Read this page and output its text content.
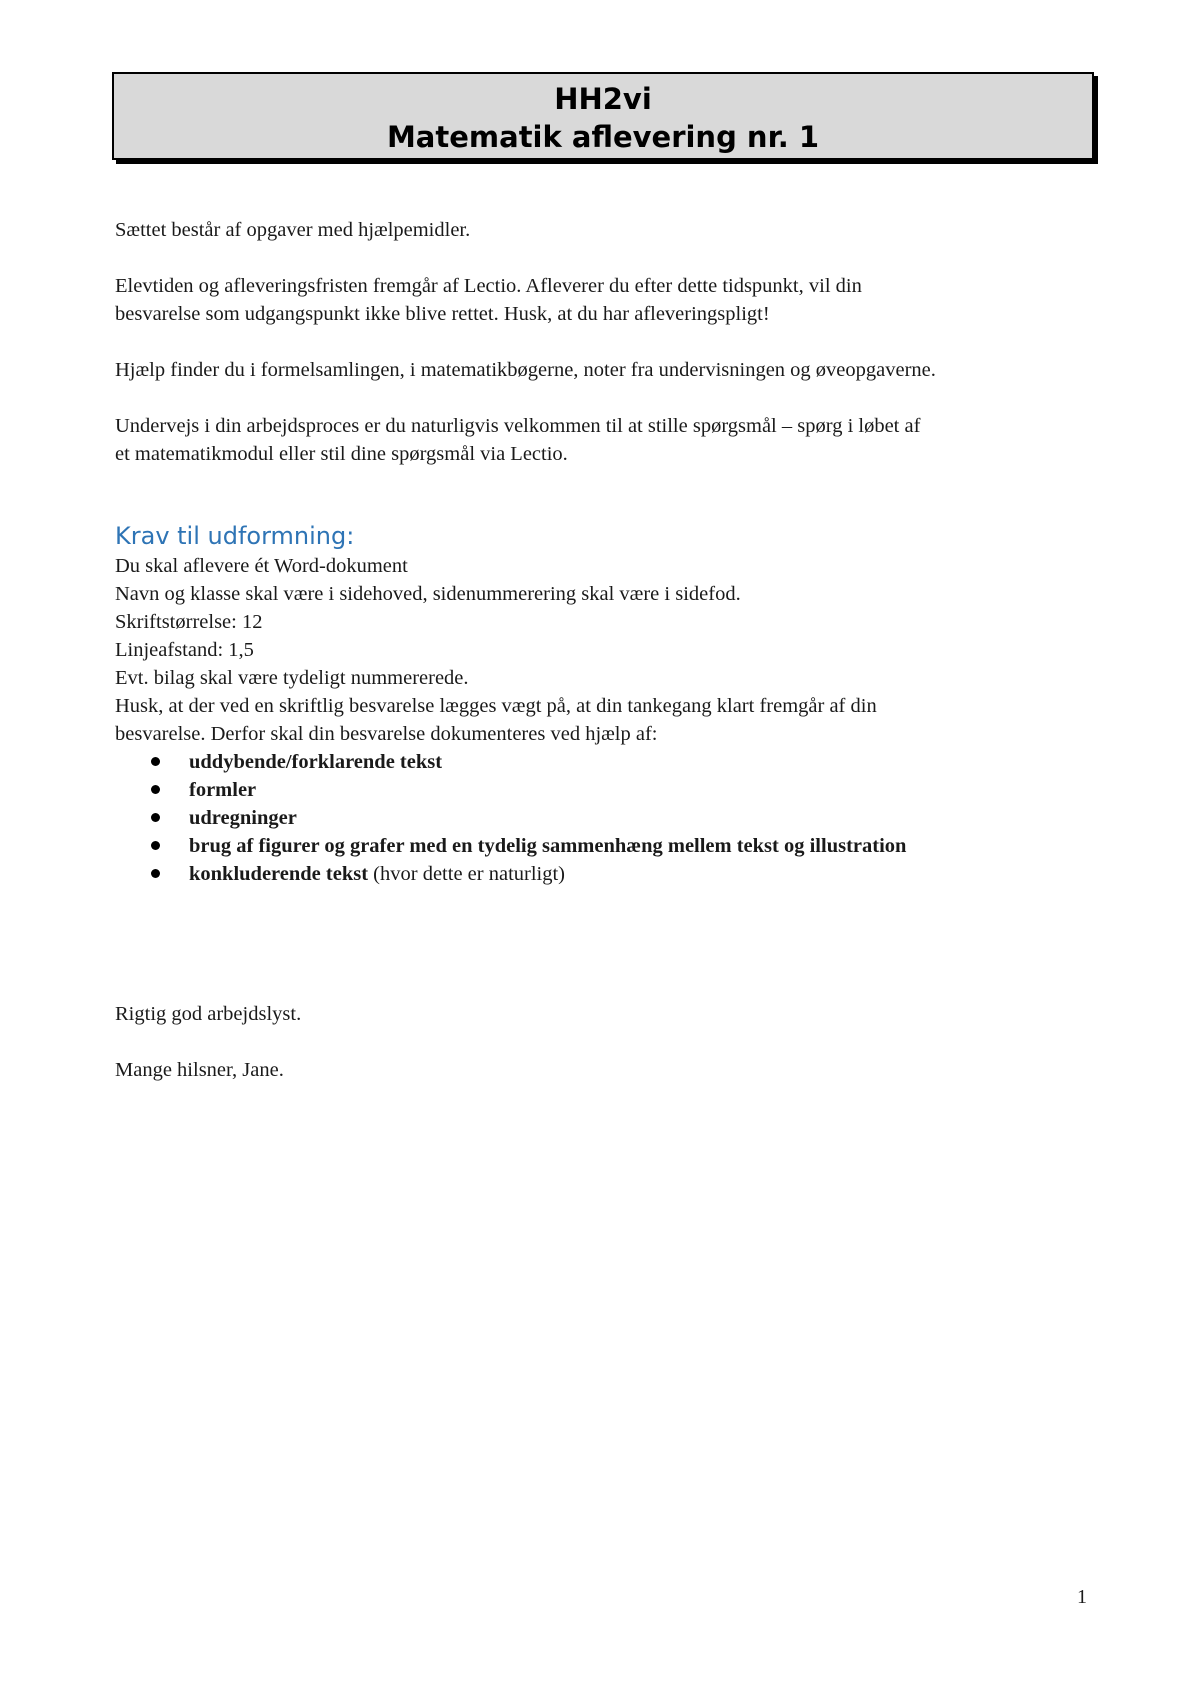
HH2vi
Matematik aflevering nr. 1

Sættet består af opgaver med hjælpemidler.

Elevtiden og afleveringsfristen fremgår af Lectio. Afleverer du efter dette tidspunkt, vil din
besvarelse som udgangspunkt ikke blive rettet. Husk, at du har afleveringspligt!

Hjælp finder du i formelsamlingen, i matematikbøgerne, noter fra undervisningen og øveopgaverne.

Undervejs i din arbejdsproces er du naturligvis velkommen til at stille spørgsmål – spørg i løbet af
et matematikmodul eller stil dine spørgsmål via Lectio.

Krav til udformning:
Du skal aflevere ét Word-dokument
Navn og klasse skal være i sidehoved, sidenummerering skal være i sidefod.
Skriftstørrelse: 12
Linjeafstand: 1,5
Evt. bilag skal være tydeligt nummererede.
Husk, at der ved en skriftlig besvarelse lægges vægt på, at din tankegang klart fremgår af din
besvarelse. Derfor skal din besvarelse dokumenteres ved hjælp af:
uddybende/forklarende tekst
formler
udregninger
brug af figurer og grafer med en tydelig sammenhæng mellem tekst og illustration
konkluderende tekst (hvor dette er naturligt)

Rigtig god arbejdslyst.

Mange hilsner, Jane.

1
